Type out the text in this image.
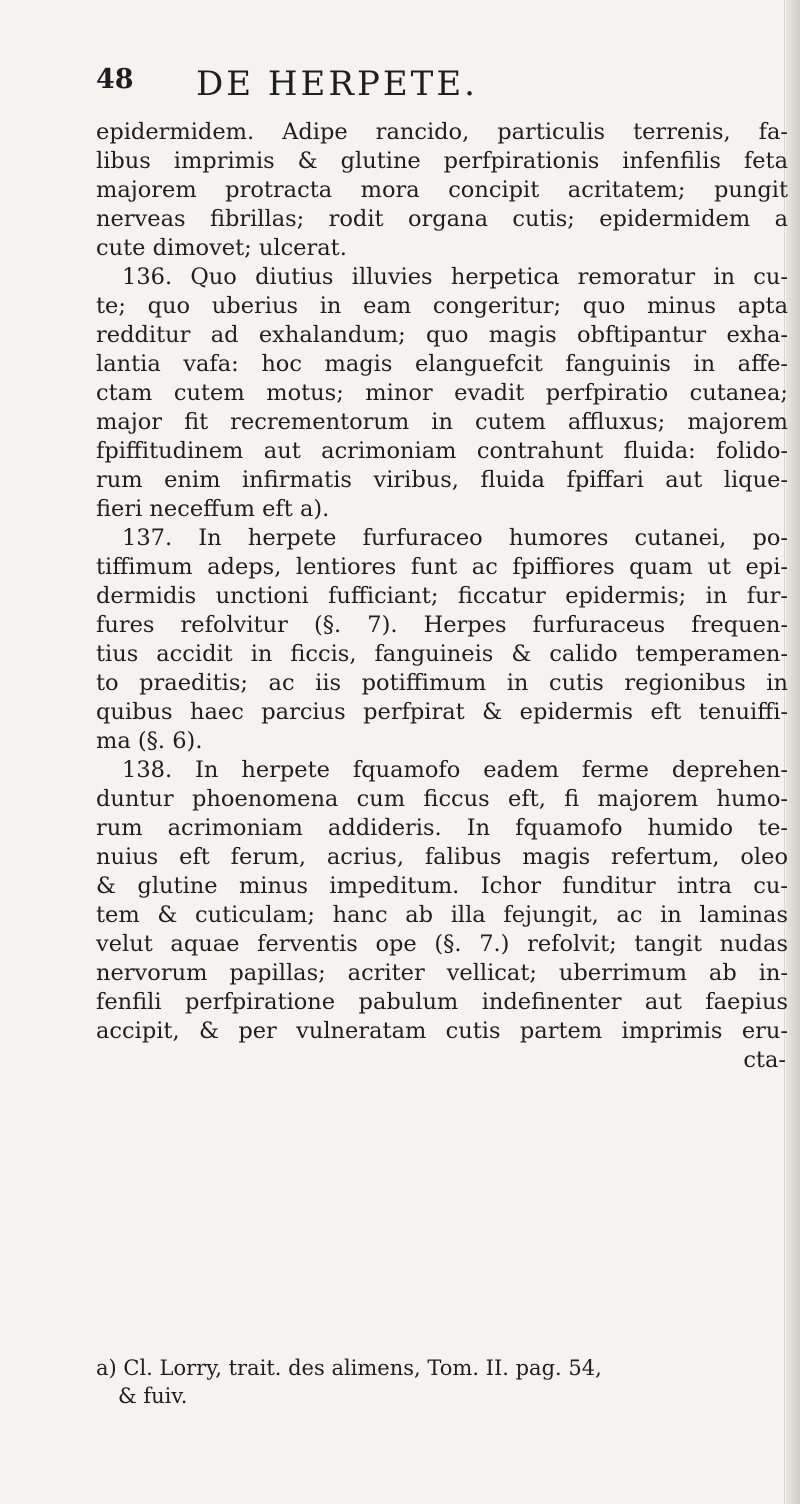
48 DE HERPETE.
epidermidem. Adipe rancido, particulis terrenis, fa-
libus imprimis & glutine perfpirationis infenfilis feta
majorem protracta mora concipit acritatem; pungit
nerveas fibrillas; rodit organa cutis; epidermidem a
cute dimovet; ulcerat.
136. Quo diutius illuvies herpetica remoratur in cu-
te; quo uberius in eam congeritur; quo minus apta
redditur ad exhalandum; quo magis obftipantur exha-
lantia vafa: hoc magis elanguefcit fanguinis in affe-
ctam cutem motus; minor evadit perfpiratio cutanea;
major fit recrementorum in cutem affluxus; majorem
fpiffitudinem aut acrimoniam contrahunt fluida: folido-
rum enim infirmatis viribus, fluida fpiffari aut lique-
fieri neceffum eft a).
137. In herpete furfuraceo humores cutanei, po-
tiffimum adeps, lentiores funt ac fpiffiores quam ut epi-
dermidis unctioni fufficiant; ficcatur epidermis; in fur-
fures refolvitur (§. 7). Herpes furfuraceus frequen-
tius accidit in ficcis, fanguineis & calido temperamen-
to praeditis; ac iis potiffimum in cutis regionibus in
quibus haec parcius perfpirat & epidermis eft tenuiffi-
ma (§. 6).
138. In herpete fquamofo eadem ferme deprehen-
duntur phoenomena cum ficcus eft, fi majorem humo-
rum acrimoniam addideris. In fquamofo humido te-
nuius eft ferum, acrius, falibus magis refertum, oleo
& glutine minus impeditum. Ichor funditur intra cu-
tem & cuticulam; hanc ab illa fejungit, ac in laminas
velut aquae ferventis ope (§. 7.) refolvit; tangit nudas
nervorum papillas; acriter vellicat; uberrimum ab in-
fenfili perfpiratione pabulum indefinenter aut faepius
accipit, & per vulneratam cutis partem imprimis eru-
cta-
a) Cl. Lorry, trait. des alimens, Tom. II. pag. 54,
& fuiv.
